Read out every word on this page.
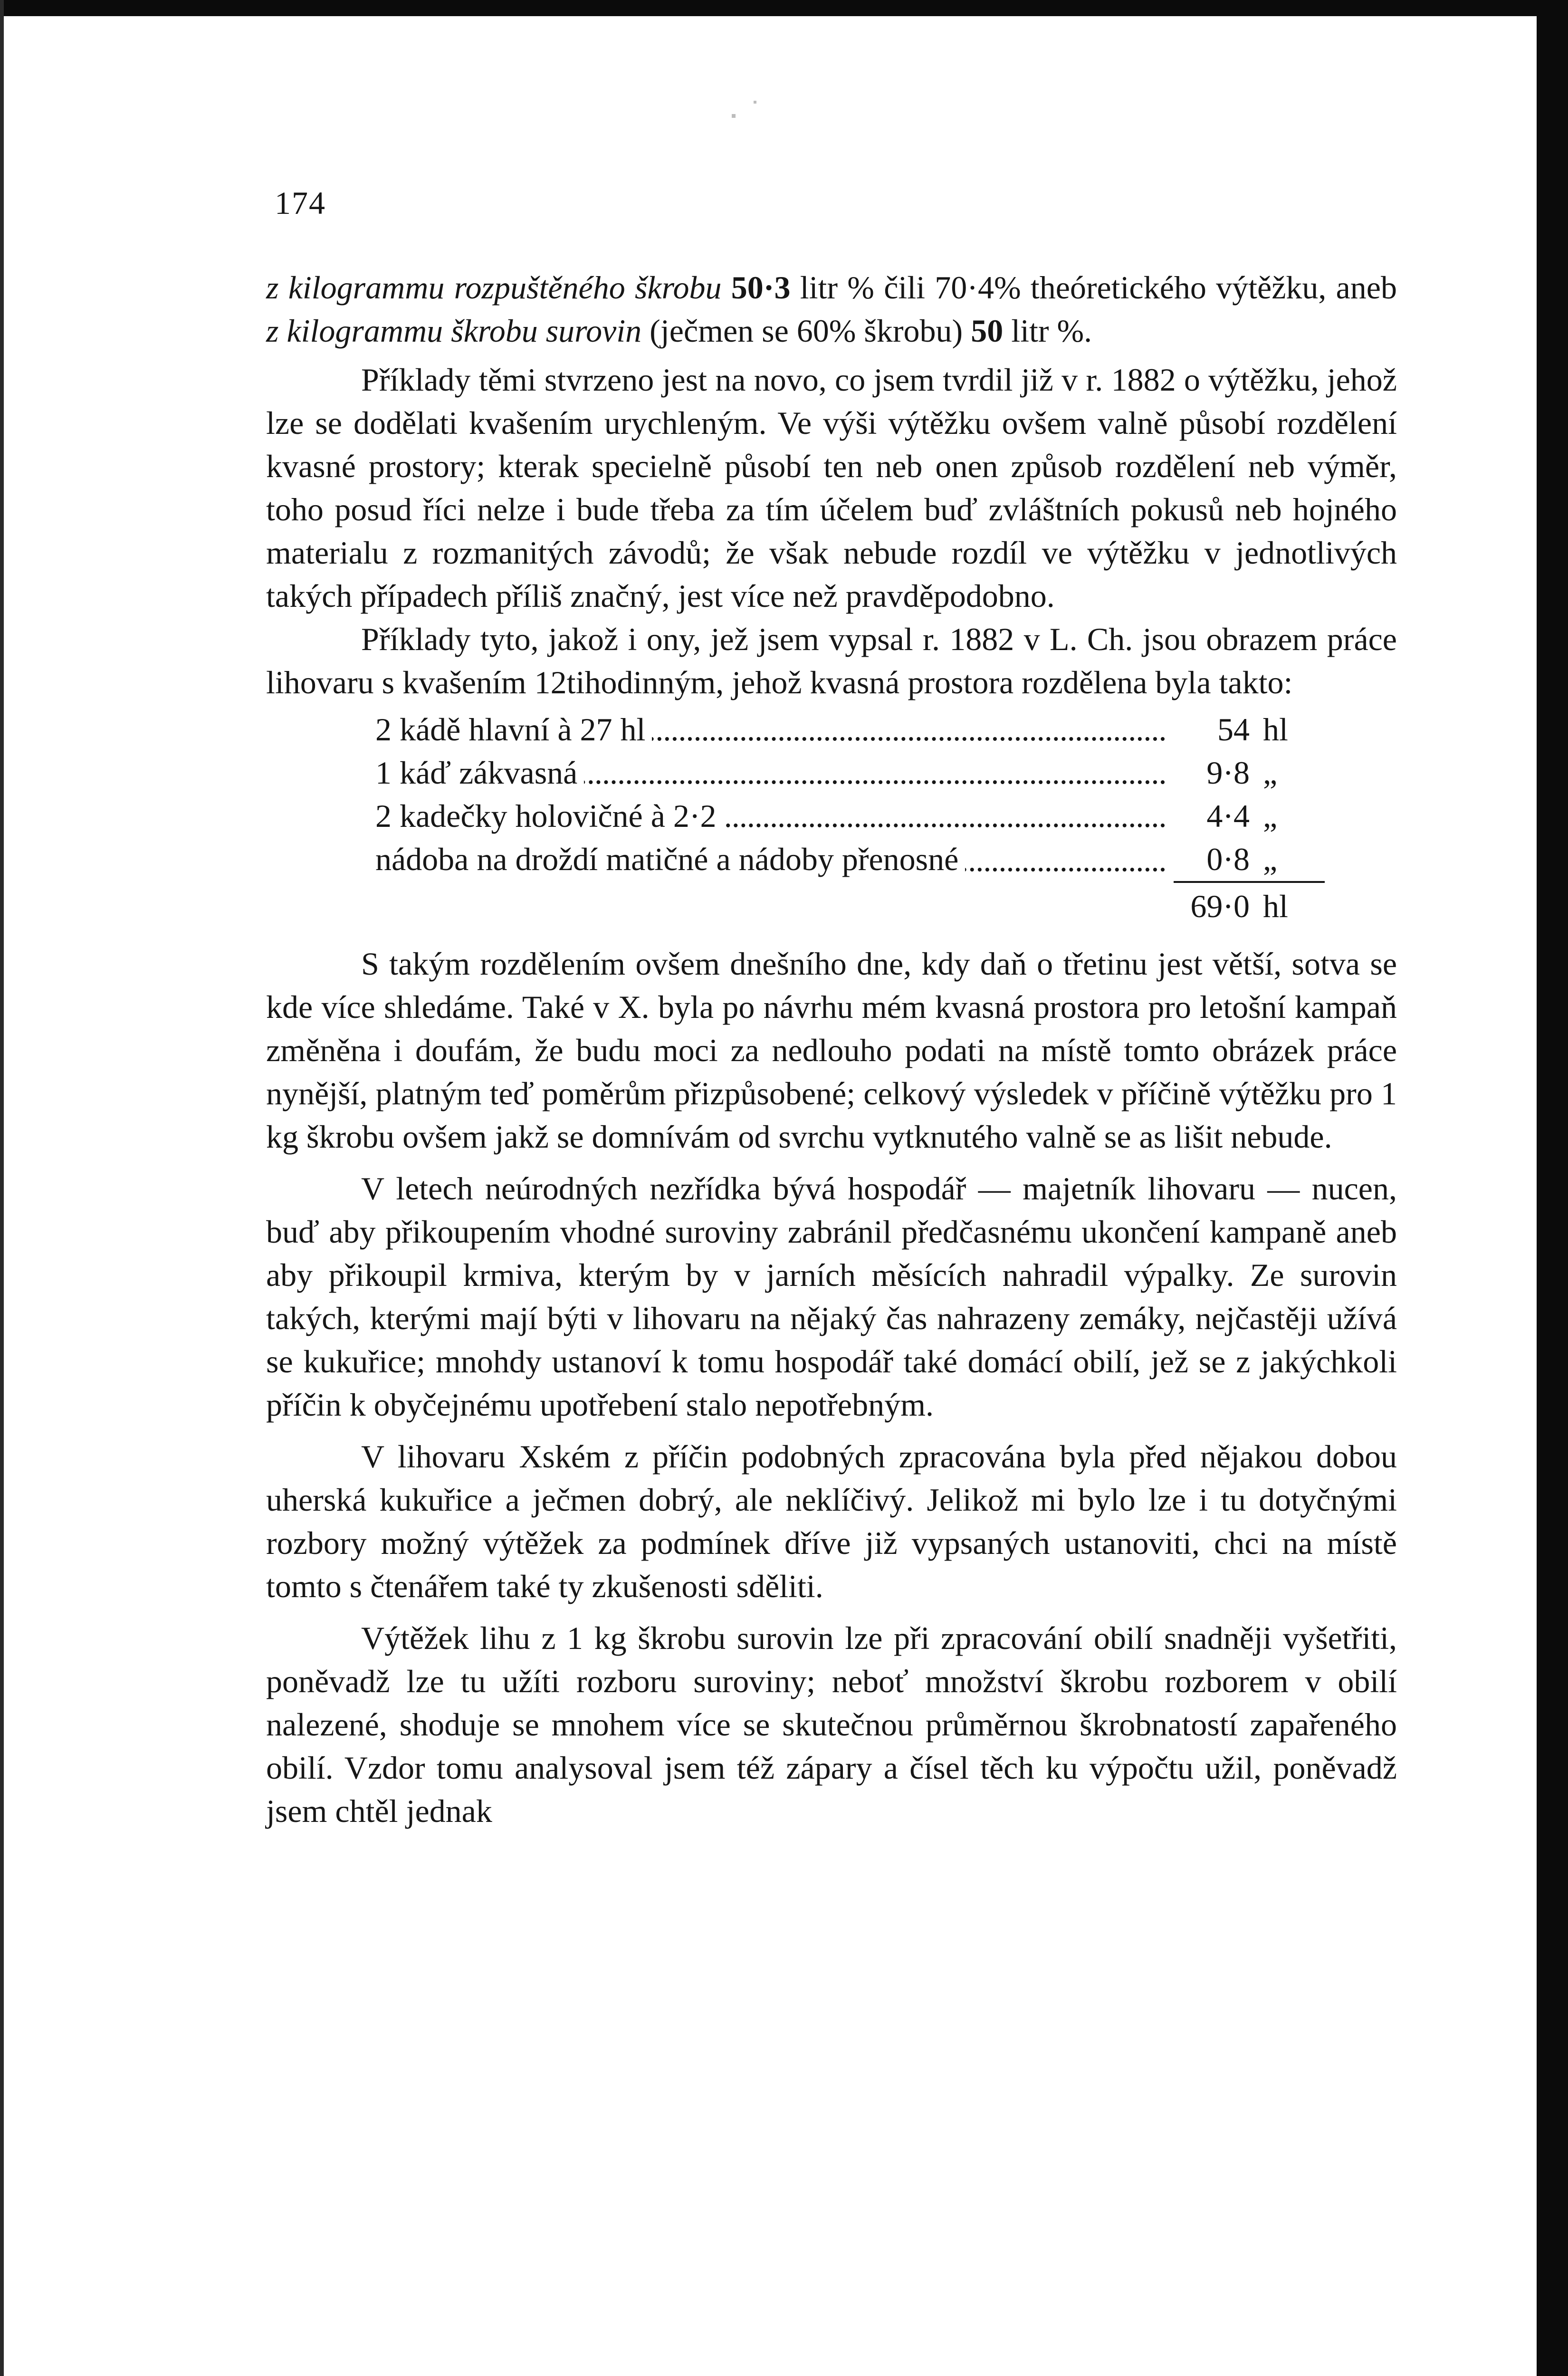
174

z kilogrammu rozpuštěného škrobu 50·3 litr % čili 70·4% theóretického výtěžku, aneb z kilogrammu škrobu surovin (ječmen se 60% škrobu) 50 litr %.

Příklady těmi stvrzeno jest na novo, co jsem tvrdil již v r. 1882 o výtěžku, jehož lze se dodělati kvašením urychleným. Ve výši výtěžku ovšem valně působí rozdělení kvasné prostory; kterak specielně působí ten neb onen způsob rozdělení neb výměr, toho posud říci nelze i bude třeba za tím účelem buď zvláštních pokusů neb hojného materialu z rozmanitých závodů; že však nebude rozdíl ve výtěžku v jednotlivých takých případech příliš značný, jest více než pravděpodobno.

Příklady tyto, jakož i ony, jež jsem vypsal r. 1882 v L. Ch. jsou obrazem práce lihovaru s kvašením 12tihodinným, jehož kvasná prostora rozdělena byla takto:

2 kádě hlavní à 27 hl	54	hl
1 káď zákvasná	9·8	„
2 kadečky holovičné à 2·2	4·4	„
nádoba na droždí matičné a nádoby přenosné	0·8	„
	69·0	hl

S takým rozdělením ovšem dnešního dne, kdy daň o třetinu jest větší, sotva se kde více shledáme. Také v X. byla po návrhu mém kvasná prostora pro letošní kampaň změněna i doufám, že budu moci za nedlouho podati na místě tomto obrázek práce nynější, platným teď poměrům přizpůsobené; celkový výsledek v příčině výtěžku pro 1 kg škrobu ovšem jakž se domnívám od svrchu vytknutého valně se as lišit nebude.

V letech neúrodných nezřídka bývá hospodář — majetník lihovaru — nucen, buď aby přikoupením vhodné suroviny zabránil předčasnému ukončení kampaně aneb aby přikoupil krmiva, kterým by v jarních měsících nahradil výpalky. Ze surovin takých, kterými mají býti v lihovaru na nějaký čas nahrazeny zemáky, nejčastěji užívá se kukuřice; mnohdy ustanoví k tomu hospodář také domácí obilí, jež se z jakýchkoli příčin k obyčejnému upotřebení stalo nepotřebným.

V lihovaru Xském z příčin podobných zpracována byla před nějakou dobou uherská kukuřice a ječmen dobrý, ale neklíčivý. Jelikož mi bylo lze i tu dotyčnými rozbory možný výtěžek za podmínek dříve již vypsaných ustanoviti, chci na místě tomto s čtenářem také ty zkušenosti sděliti.

Výtěžek lihu z 1 kg škrobu surovin lze při zpracování obilí snadněji vyšetřiti, poněvadž lze tu užíti rozboru suroviny; neboť množství škrobu rozborem v obilí nalezené, shoduje se mnohem více se skutečnou průměrnou škrobnatostí zapařeného obilí. Vzdor tomu analysoval jsem též zápary a čísel těch ku výpočtu užil, poněvadž jsem chtěl jednak
